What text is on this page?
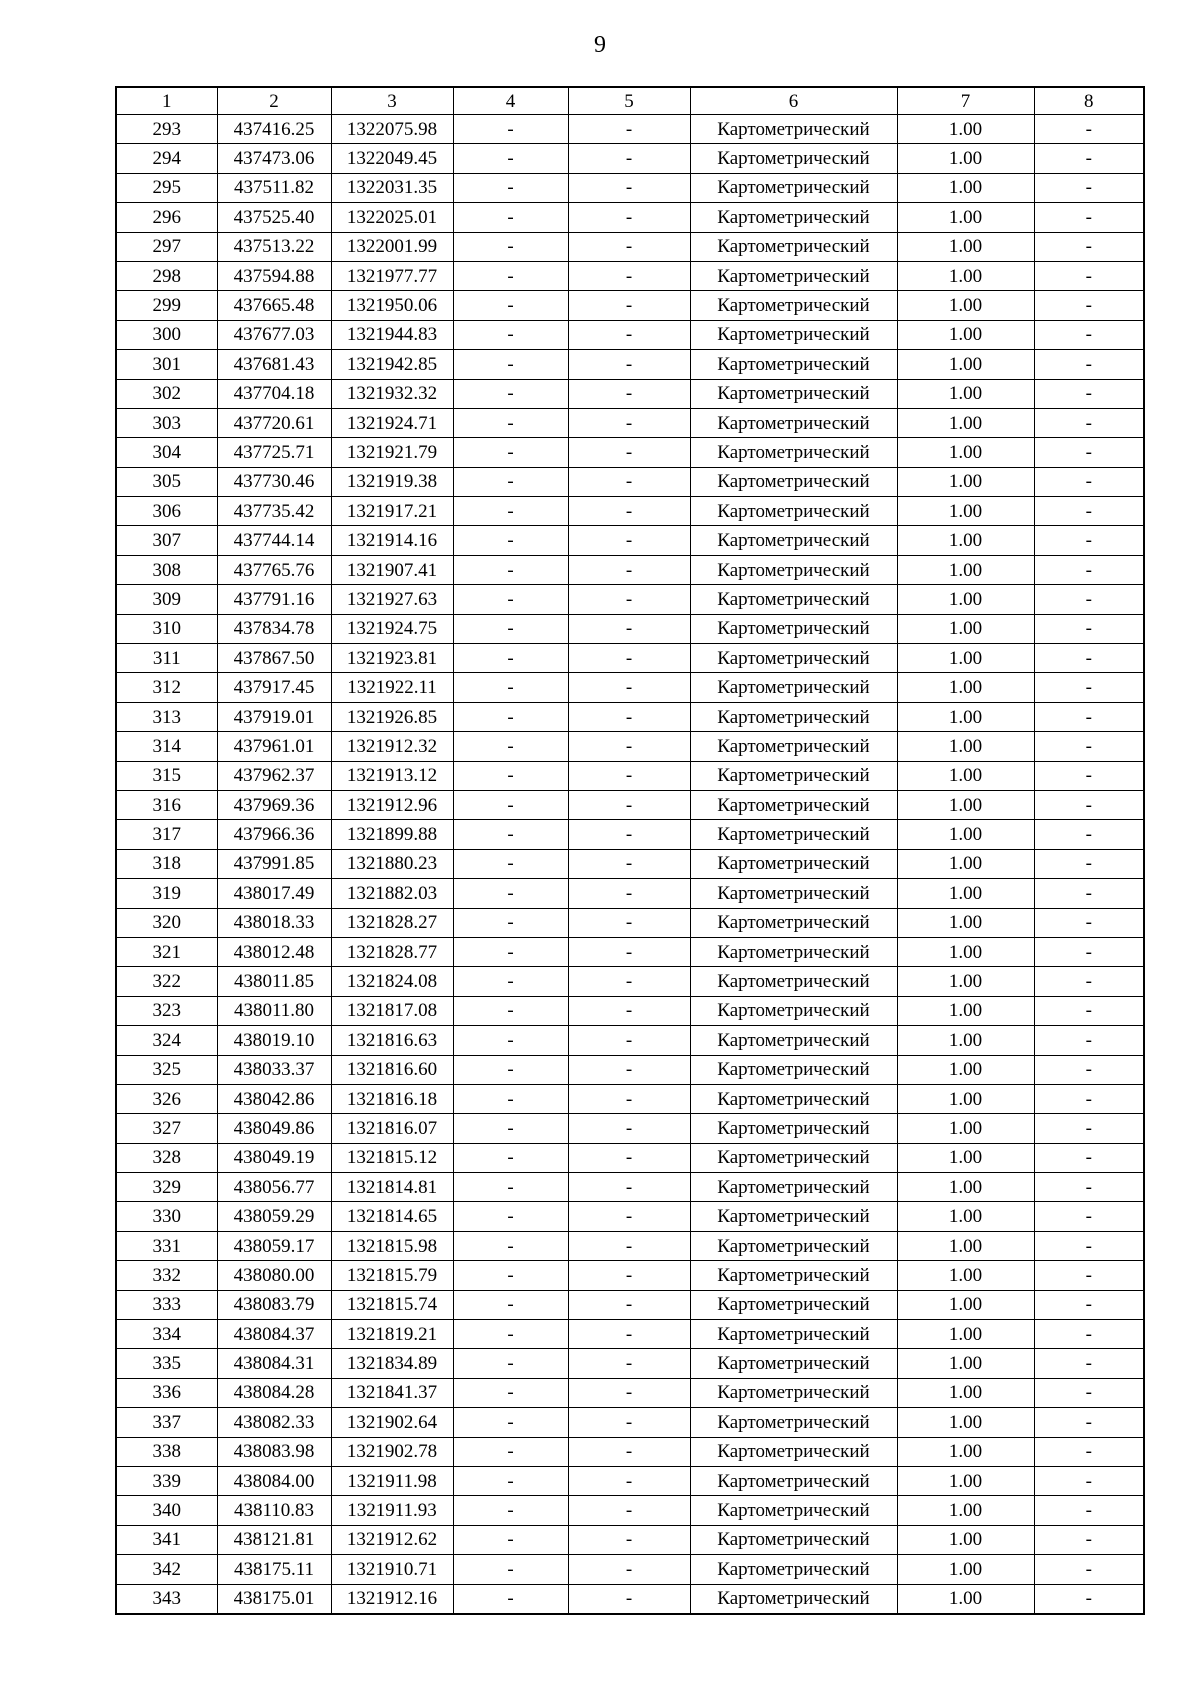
9
1	2	3	4	5	6	7	8
293	437416.25	1322075.98	-	-	Картометрический	1.00	-
294	437473.06	1322049.45	-	-	Картометрический	1.00	-
295	437511.82	1322031.35	-	-	Картометрический	1.00	-
296	437525.40	1322025.01	-	-	Картометрический	1.00	-
297	437513.22	1322001.99	-	-	Картометрический	1.00	-
298	437594.88	1321977.77	-	-	Картометрический	1.00	-
299	437665.48	1321950.06	-	-	Картометрический	1.00	-
300	437677.03	1321944.83	-	-	Картометрический	1.00	-
301	437681.43	1321942.85	-	-	Картометрический	1.00	-
302	437704.18	1321932.32	-	-	Картометрический	1.00	-
303	437720.61	1321924.71	-	-	Картометрический	1.00	-
304	437725.71	1321921.79	-	-	Картометрический	1.00	-
305	437730.46	1321919.38	-	-	Картометрический	1.00	-
306	437735.42	1321917.21	-	-	Картометрический	1.00	-
307	437744.14	1321914.16	-	-	Картометрический	1.00	-
308	437765.76	1321907.41	-	-	Картометрический	1.00	-
309	437791.16	1321927.63	-	-	Картометрический	1.00	-
310	437834.78	1321924.75	-	-	Картометрический	1.00	-
311	437867.50	1321923.81	-	-	Картометрический	1.00	-
312	437917.45	1321922.11	-	-	Картометрический	1.00	-
313	437919.01	1321926.85	-	-	Картометрический	1.00	-
314	437961.01	1321912.32	-	-	Картометрический	1.00	-
315	437962.37	1321913.12	-	-	Картометрический	1.00	-
316	437969.36	1321912.96	-	-	Картометрический	1.00	-
317	437966.36	1321899.88	-	-	Картометрический	1.00	-
318	437991.85	1321880.23	-	-	Картометрический	1.00	-
319	438017.49	1321882.03	-	-	Картометрический	1.00	-
320	438018.33	1321828.27	-	-	Картометрический	1.00	-
321	438012.48	1321828.77	-	-	Картометрический	1.00	-
322	438011.85	1321824.08	-	-	Картометрический	1.00	-
323	438011.80	1321817.08	-	-	Картометрический	1.00	-
324	438019.10	1321816.63	-	-	Картометрический	1.00	-
325	438033.37	1321816.60	-	-	Картометрический	1.00	-
326	438042.86	1321816.18	-	-	Картометрический	1.00	-
327	438049.86	1321816.07	-	-	Картометрический	1.00	-
328	438049.19	1321815.12	-	-	Картометрический	1.00	-
329	438056.77	1321814.81	-	-	Картометрический	1.00	-
330	438059.29	1321814.65	-	-	Картометрический	1.00	-
331	438059.17	1321815.98	-	-	Картометрический	1.00	-
332	438080.00	1321815.79	-	-	Картометрический	1.00	-
333	438083.79	1321815.74	-	-	Картометрический	1.00	-
334	438084.37	1321819.21	-	-	Картометрический	1.00	-
335	438084.31	1321834.89	-	-	Картометрический	1.00	-
336	438084.28	1321841.37	-	-	Картометрический	1.00	-
337	438082.33	1321902.64	-	-	Картометрический	1.00	-
338	438083.98	1321902.78	-	-	Картометрический	1.00	-
339	438084.00	1321911.98	-	-	Картометрический	1.00	-
340	438110.83	1321911.93	-	-	Картометрический	1.00	-
341	438121.81	1321912.62	-	-	Картометрический	1.00	-
342	438175.11	1321910.71	-	-	Картометрический	1.00	-
343	438175.01	1321912.16	-	-	Картометрический	1.00	-
